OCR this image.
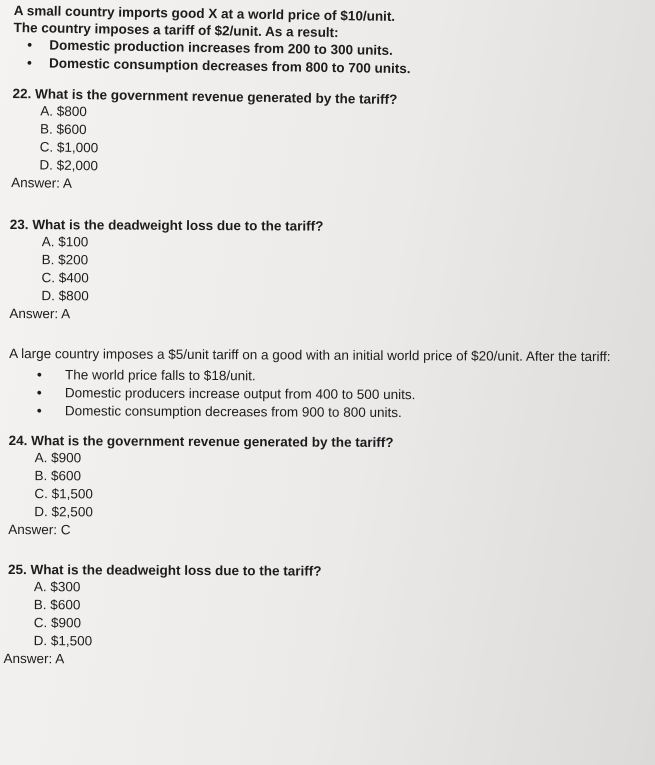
A small country imports good X at a world price of $10/unit.

The country imposes a tariff of $2/unit. As a result:

• Domestic production increases from 200 to 300 units.
• Domestic consumption decreases from 800 to 700 units.

22. What is the government revenue generated by the tariff?

A. $800
B. $600
C. $1,000
D. $2,000
Answer: A

23. What is the deadweight loss due to the tariff?

A. $100
B. $200
C. $400
D. $800
Answer: A

A large country imposes a $5/unit tariff on a good with an initial world price of $20/unit. After the tariff:

• The world price falls to $18/unit.
• Domestic producers increase output from 400 to 500 units.
• Domestic consumption decreases from 900 to 800 units.

24. What is the government revenue generated by the tariff?

A. $900
B. $600
C. $1,500
D. $2,500
Answer: C

25. What is the deadweight loss due to the tariff?

A. $300
B. $600
C. $900
D. $1,500
Answer: A
